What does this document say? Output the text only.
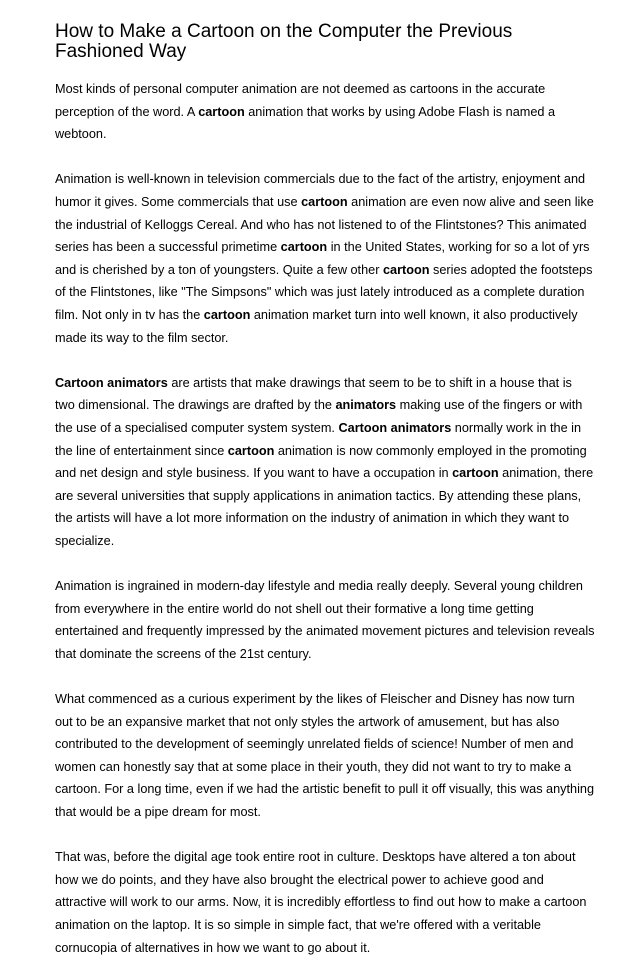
How to Make a Cartoon on the Computer the Previous Fashioned Way

Most kinds of personal computer animation are not deemed as cartoons in the accurate perception of the word. A cartoon animation that works by using Adobe Flash is named a webtoon.

Animation is well-known in television commercials due to the fact of the artistry, enjoyment and humor it gives. Some commercials that use cartoon animation are even now alive and seen like the industrial of Kelloggs Cereal. And who has not listened to of the Flintstones? This animated series has been a successful primetime cartoon in the United States, working for so a lot of yrs and is cherished by a ton of youngsters. Quite a few other cartoon series adopted the footsteps of the Flintstones, like "The Simpsons" which was just lately introduced as a complete duration film. Not only in tv has the cartoon animation market turn into well known, it also productively made its way to the film sector.

Cartoon animators are artists that make drawings that seem to be to shift in a house that is two dimensional. The drawings are drafted by the animators making use of the fingers or with the use of a specialised computer system system. Cartoon animators normally work in the in the line of entertainment since cartoon animation is now commonly employed in the promoting and net design and style business. If you want to have a occupation in cartoon animation, there are several universities that supply applications in animation tactics. By attending these plans, the artists will have a lot more information on the industry of animation in which they want to specialize.

Animation is ingrained in modern-day lifestyle and media really deeply. Several young children from everywhere in the entire world do not shell out their formative a long time getting entertained and frequently impressed by the animated movement pictures and television reveals that dominate the screens of the 21st century.

What commenced as a curious experiment by the likes of Fleischer and Disney has now turn out to be an expansive market that not only styles the artwork of amusement, but has also contributed to the development of seemingly unrelated fields of science! Number of men and women can honestly say that at some place in their youth, they did not want to try to make a cartoon. For a long time, even if we had the artistic benefit to pull it off visually, this was anything that would be a pipe dream for most.

That was, before the digital age took entire root in culture. Desktops have altered a ton about how we do points, and they have also brought the electrical power to achieve good and attractive will work to our arms. Now, it is incredibly effortless to find out how to make a cartoon animation on the laptop. It is so simple in simple fact, that we're offered with a veritable cornucopia of alternatives in how we want to go about it.
